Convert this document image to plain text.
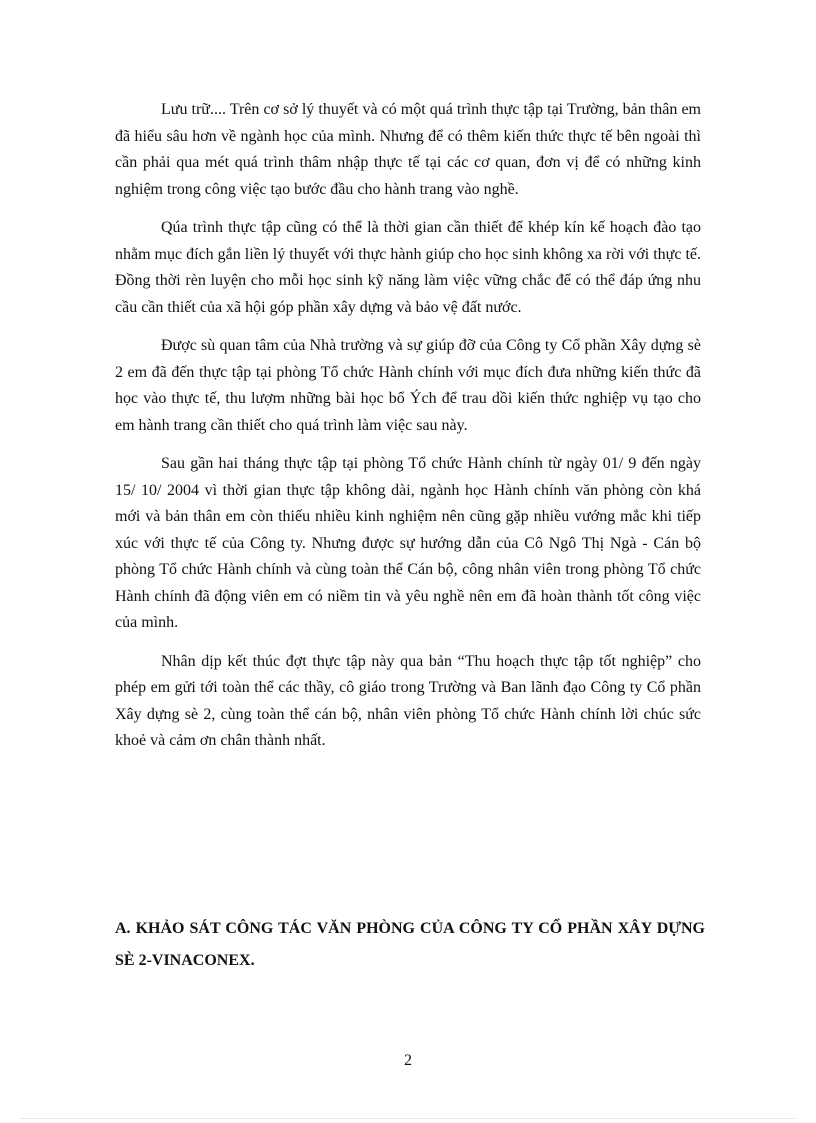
Lưu trữ.... Trên cơ sở lý thuyết và có một quá trình thực tập tại Trường, bản thân em đã hiểu sâu hơn về ngành học của mình. Nhưng để có thêm kiến thức thực tế bên ngoài thì cần phải qua mét quá trình thâm nhập thực tế tại các cơ quan, đơn vị để có những kinh nghiệm trong công việc tạo bước đầu cho hành trang vào nghề.

Qúa trình thực tập cũng có thể là thời gian cần thiết để khép kín kế hoạch đào tạo nhằm mục đích gắn liền lý thuyết với thực hành giúp cho học sinh không xa rời với thực tế. Đồng thời rèn luyện cho mỗi học sinh kỹ năng làm việc vững chắc để có thể đáp ứng nhu cầu cần thiết của xã hội góp phần xây dựng và bảo vệ đất nước.

Được sù quan tâm của Nhà trường và sự giúp đỡ của Công ty Cổ phần Xây dựng sè 2 em đã đến thực tập tại phòng Tổ chức Hành chính với mục đích đưa những kiến thức đã học vào thực tế, thu lượm những bài học bổ Ých để trau dồi kiến thức nghiệp vụ tạo cho em hành trang cần thiết cho quá trình làm việc sau này.

Sau gần hai tháng thực tập tại phòng Tổ chức Hành chính từ ngày 01/ 9 đến ngày 15/ 10/ 2004 vì thời gian thực tập không dài, ngành học Hành chính văn phòng còn khá mới và bản thân em còn thiếu nhiều kinh nghiệm nên cũng gặp nhiều vướng mắc khi tiếp xúc với thực tế của Công ty. Nhưng được sự hướng dẫn của Cô Ngô Thị Ngà - Cán bộ phòng Tổ chức Hành chính và cùng toàn thể Cán bộ, công nhân viên trong phòng Tổ chức Hành chính đã động viên em có niềm tin và yêu nghề nên em đã hoàn thành tốt công việc của mình.

Nhân dịp kết thúc đợt thực tập này qua bản “Thu hoạch thực tập tốt nghiệp” cho phép em gửi tới toàn thể các thầy, cô giáo trong Trường và Ban lãnh đạo Công ty Cổ phần Xây dựng sè 2, cùng toàn thể cán bộ, nhân viên phòng Tổ chức Hành chính lời chúc sức khoẻ và cảm ơn chân thành nhất.

A. KHẢO SÁT CÔNG TÁC VĂN PHÒNG CỦA CÔNG TY CỔ PHẦN XÂY DỰNG SÈ 2-VINACONEX.
2
